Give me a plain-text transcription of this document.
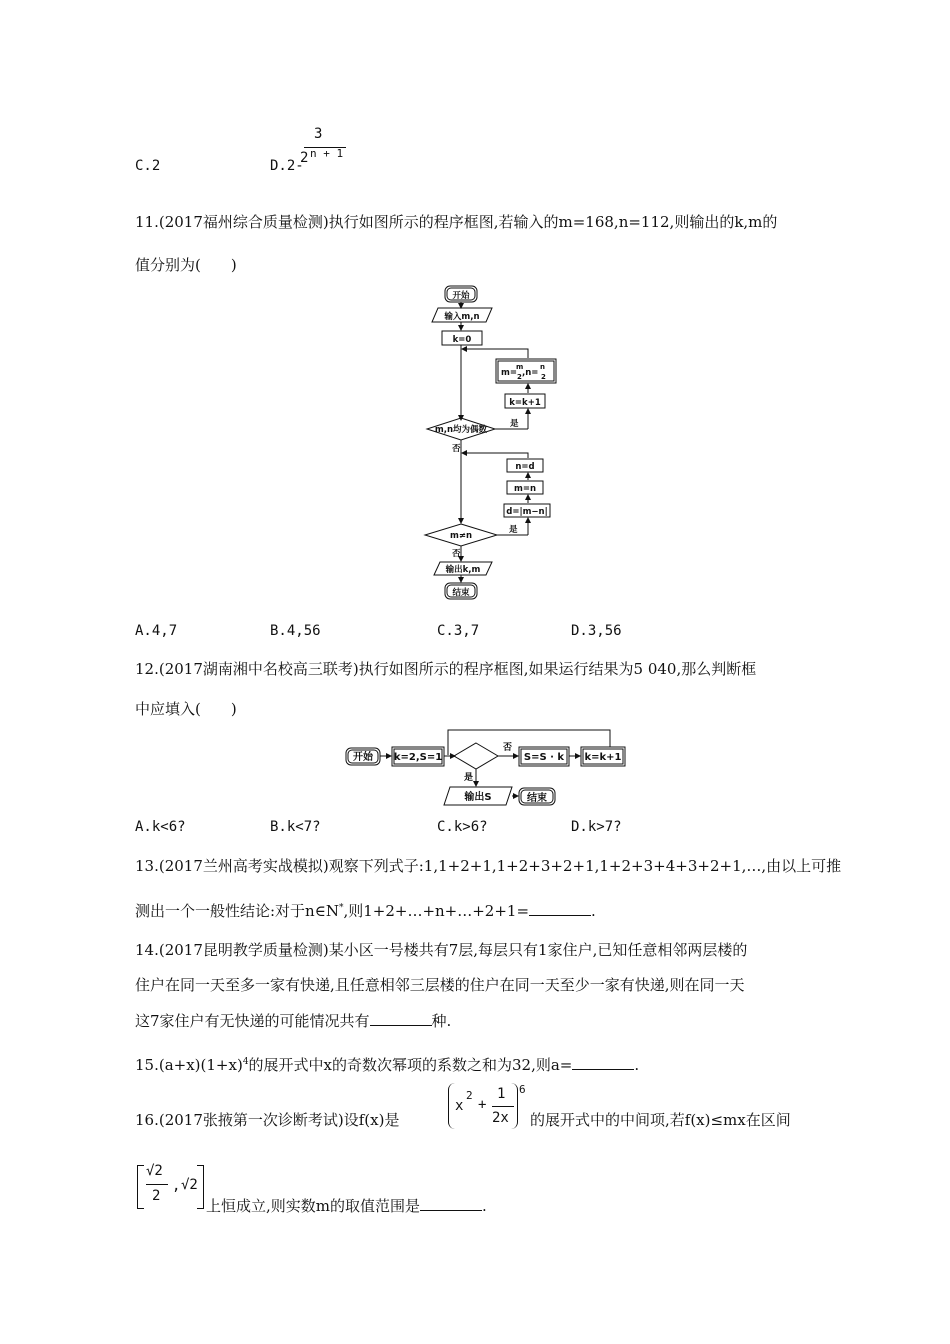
C.2	D.2-
3
2 n + 1
11.(2017福州综合质量检测)执行如图所示的程序框图,若输入的m=168,n=112,则输出的k,m的
值分别为(　　)
开始
输入m,n
k=0
m=
m
2 ,n=
n
2
k=k+1
m,n均为偶数
是
否
n=d
m=n
d=|m−n|
m≠n
是
否
输出k,m
结束
A.4,7	B.4,56	C.3,7	D.3,56
12.(2017湖南湘中名校高三联考)执行如图所示的程序框图,如果运行结果为5 040,那么判断框
中应填入(　　)
开始 k=2,S=1
否
S=S · k k=k+1
是
输出S	结束
A.k<6?	B.k<7?	C.k>6?	D.k>7?
13.(2017兰州高考实战模拟)观察下列式子:1,1+2+1,1+2+3+2+1,1+2+3+4+3+2+1,…,由以上可推
测出一个一般性结论:对于n∈N*,则1+2+…+n+…+2+1=	.
14.(2017昆明教学质量检测)某小区一号楼共有7层,每层只有1家住户,已知任意相邻两层楼的
住户在同一天至多一家有快递,且任意相邻三层楼的住户在同一天至少一家有快递,则在同一天
这7家住户有无快递的可能情况共有	种.
$15.(a+x)(1+x)^4$的展开式中x的奇数次幂项的系数之和为32,则a=	.
16.(2017张掖第一次诊断考试)设f(x)是
x
2
+
1
2x
6
的展开式中的中间项,若f(x)≤mx在区间
√2
2
, √2
上恒成立,则实数m的取值范围是	.
